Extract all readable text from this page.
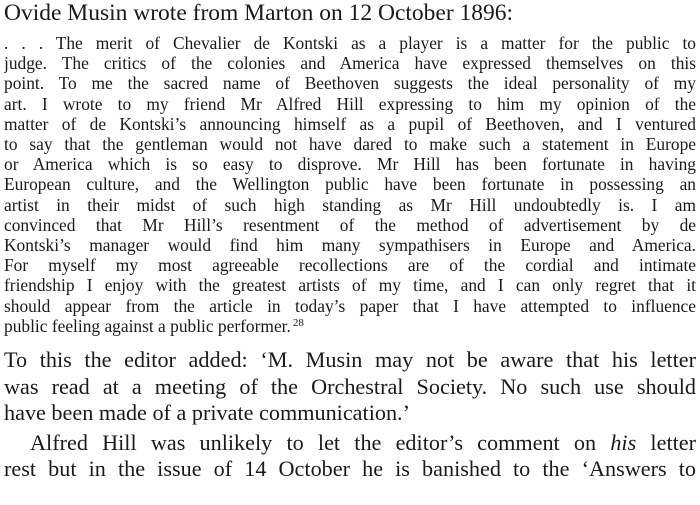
Ovide Musin wrote from Marton on 12 October 1896:

. . . The merit of Chevalier de Kontski as a player is a matter for the public to
judge. The critics of the colonies and America have expressed themselves on this
point. To me the sacred name of Beethoven suggests the ideal personality of my
art. I wrote to my friend Mr Alfred Hill expressing to him my opinion of the
matter of de Kontski’s announcing himself as a pupil of Beethoven, and I ventured
to say that the gentleman would not have dared to make such a statement in Europe
or America which is so easy to disprove. Mr Hill has been fortunate in having
European culture, and the Wellington public have been fortunate in possessing an
artist in their midst of such high standing as Mr Hill undoubtedly is. I am
convinced that Mr Hill’s resentment of the method of advertisement by de
Kontski’s manager would find him many sympathisers in Europe and America.
For myself my most agreeable recollections are of the cordial and intimate
friendship I enjoy with the greatest artists of my time, and I can only regret that it
should appear from the article in today’s paper that I have attempted to influence
public feeling against a public performer. $^{28}$
To this the editor added: ‘M. Musin may not be aware that his letter
was read at a meeting of the Orchestral Society. No such use should
have been made of a private communication.’
Alfred Hill was unlikely to let the editor’s comment on his letter
rest but in the issue of 14 October he is banished to the ‘Answers to
